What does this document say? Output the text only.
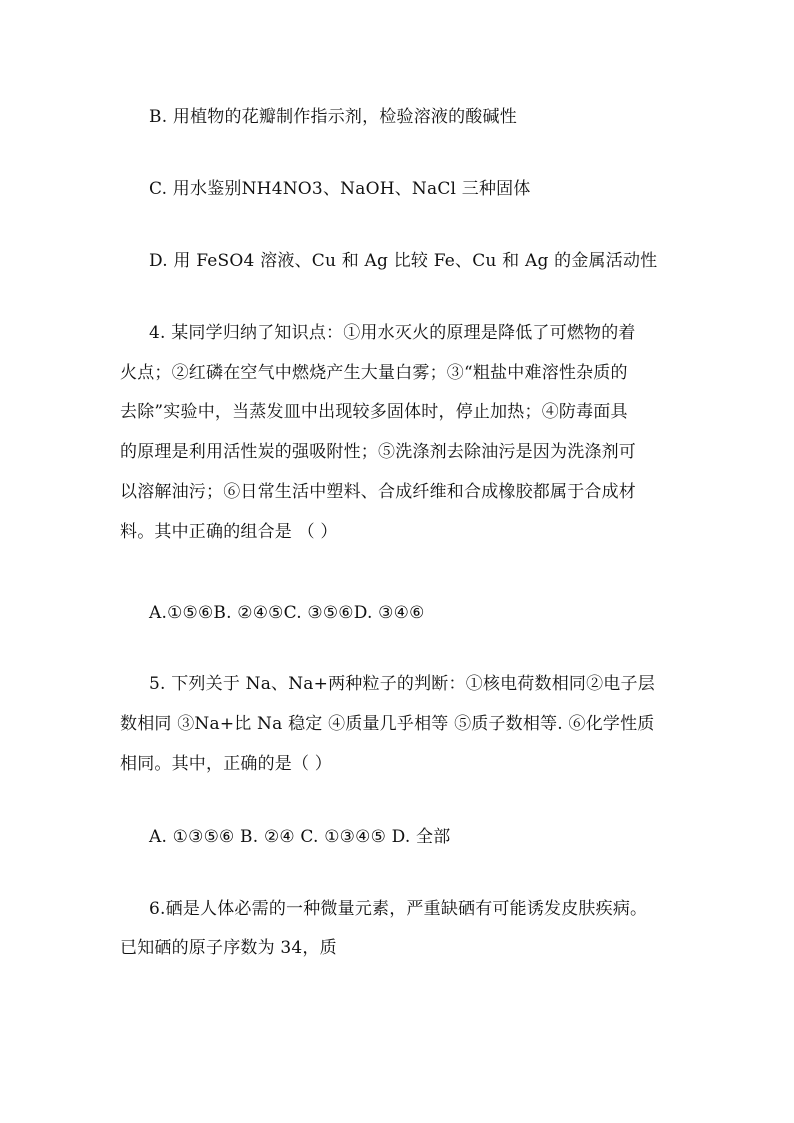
B. 用植物的花瓣制作指示剂，检验溶液的酸碱性
C. 用水鉴别NH4NO3、NaOH、NaCl 三种固体
D. 用 FeSO4 溶液、Cu 和 Ag 比较 Fe、Cu 和 Ag 的金属活动性
4. 某同学归纳了知识点：①用水灭火的原理是降低了可燃物的着
火点；②红磷在空气中燃烧产生大量白雾；③“粗盐中难溶性杂质的
去除”实验中，当蒸发皿中出现较多固体时，停止加热；④防毒面具
的原理是利用活性炭的强吸附性；⑤洗涤剂去除油污是因为洗涤剂可
以溶解油污；⑥日常生活中塑料、合成纤维和合成橡胶都属于合成材
料。其中正确的组合是 （ ）
A.①⑤⑥B. ②④⑤C. ③⑤⑥D. ③④⑥
5. 下列关于 Na、Na+两种粒子的判断：①核电荷数相同②电子层
数相同 ③Na+比 Na 稳定 ④质量几乎相等 ⑤质子数相等. ⑥化学性质
相同。其中，正确的是（ ）
A. ①③⑤⑥ B. ②④ C. ①③④⑤ D. 全部
6.硒是人体必需的一种微量元素，严重缺硒有可能诱发皮肤疾病。
已知硒的原子序数为 34，质
